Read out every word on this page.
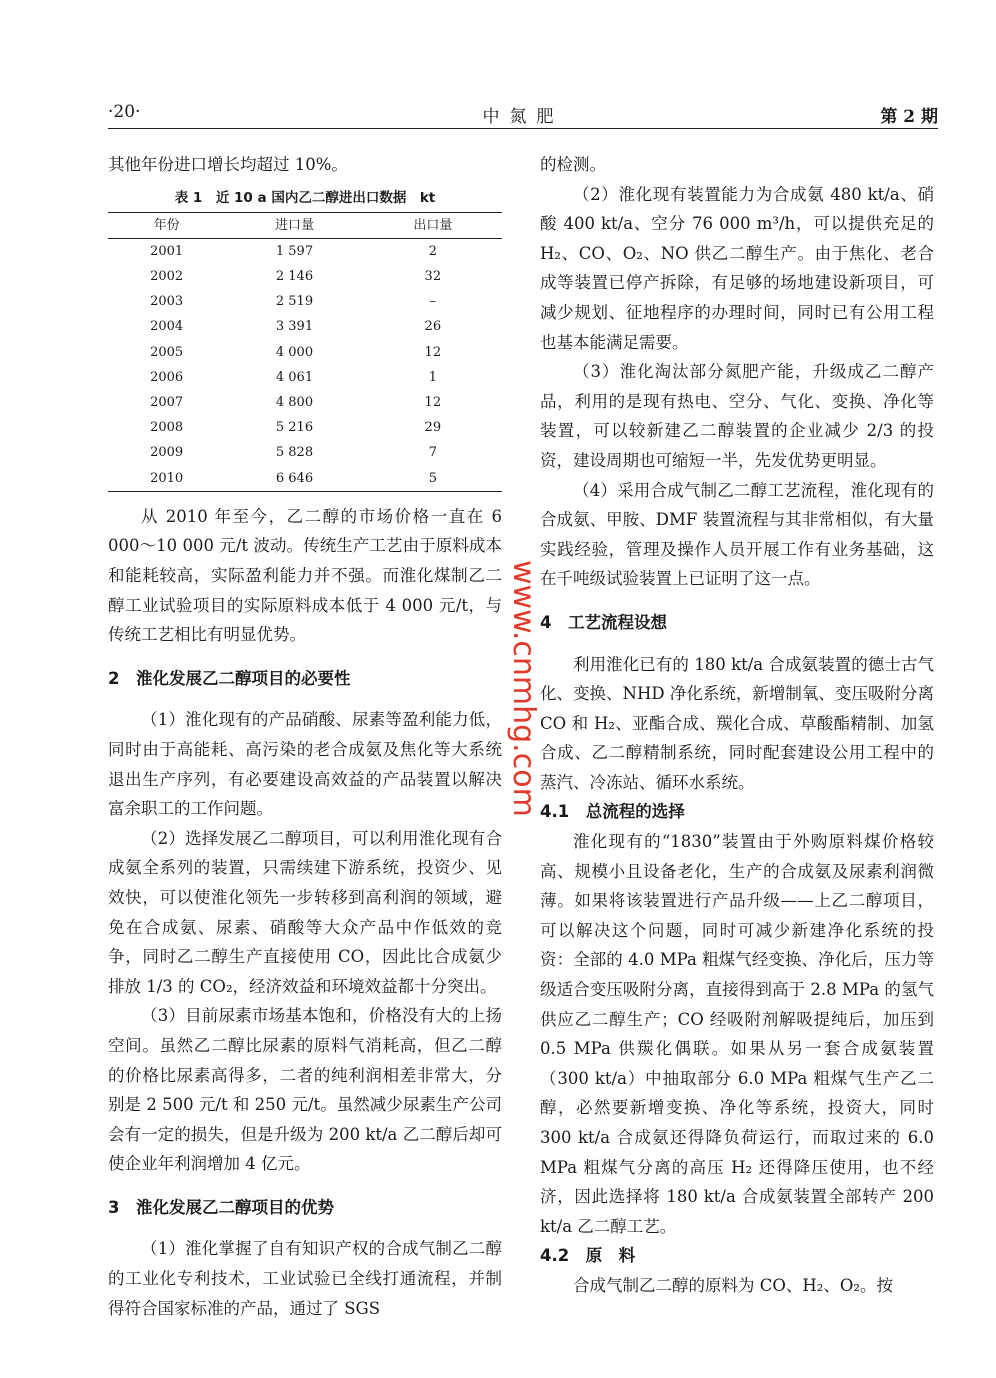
·20·	中氮肥	第 2 期

其他年份进口增长均超过 10%。

表 1　近 10 a 国内乙二醇进出口数据　kt
年份	进口量	出口量
2001	1 597	2
2002	2 146	32
2003	2 519	–
2004	3 391	26
2005	4 000	12
2006	4 061	1
2007	4 800	12
2008	5 216	29
2009	5 828	7
2010	6 646	5

从 2010 年至今，乙二醇的市场价格一直在 6 000～10 000 元/t 波动。传统生产工艺由于原料成本和能耗较高，实际盈利能力并不强。而淮化煤制乙二醇工业试验项目的实际原料成本低于 4 000 元/t，与传统工艺相比有明显优势。

2　淮化发展乙二醇项目的必要性

（1）淮化现有的产品硝酸、尿素等盈利能力低，同时由于高能耗、高污染的老合成氨及焦化等大系统退出生产序列，有必要建设高效益的产品装置以解决富余职工的工作问题。

（2）选择发展乙二醇项目，可以利用淮化现有合成氨全系列的装置，只需续建下游系统，投资少、见效快，可以使淮化领先一步转移到高利润的领域，避免在合成氨、尿素、硝酸等大众产品中作低效的竞争，同时乙二醇生产直接使用 CO，因此比合成氨少排放 1/3 的 CO₂，经济效益和环境效益都十分突出。

（3）目前尿素市场基本饱和，价格没有大的上扬空间。虽然乙二醇比尿素的原料气消耗高，但乙二醇的价格比尿素高得多，二者的纯利润相差非常大，分别是 2 500 元/t 和 250 元/t。虽然减少尿素生产公司会有一定的损失，但是升级为 200 kt/a 乙二醇后却可使企业年利润增加 4 亿元。

3　淮化发展乙二醇项目的优势

（1）淮化掌握了自有知识产权的合成气制乙二醇的工业化专利技术，工业试验已全线打通流程，并制得符合国家标准的产品，通过了 SGS

的检测。

（2）淮化现有装置能力为合成氨 480 kt/a、硝酸 400 kt/a、空分 76 000 m³/h，可以提供充足的 H₂、CO、O₂、NO 供乙二醇生产。由于焦化、老合成等装置已停产拆除，有足够的场地建设新项目，可减少规划、征地程序的办理时间，同时已有公用工程也基本能满足需要。

（3）淮化淘汰部分氮肥产能，升级成乙二醇产品，利用的是现有热电、空分、气化、变换、净化等装置，可以较新建乙二醇装置的企业减少 2/3 的投资，建设周期也可缩短一半，先发优势更明显。

（4）采用合成气制乙二醇工艺流程，淮化现有的合成氨、甲胺、DMF 装置流程与其非常相似，有大量实践经验，管理及操作人员开展工作有业务基础，这在千吨级试验装置上已证明了这一点。

4　工艺流程设想

利用淮化已有的 180 kt/a 合成氨装置的德士古气化、变换、NHD 净化系统，新增制氧、变压吸附分离 CO 和 H₂、亚酯合成、羰化合成、草酸酯精制、加氢合成、乙二醇精制系统，同时配套建设公用工程中的蒸汽、冷冻站、循环水系统。

4.1　总流程的选择

淮化现有的“1830”装置由于外购原料煤价格较高、规模小且设备老化，生产的合成氨及尿素利润微薄。如果将该装置进行产品升级——上乙二醇项目，可以解决这个问题，同时可减少新建净化系统的投资：全部的 4.0 MPa 粗煤气经变换、净化后，压力等级适合变压吸附分离，直接得到高于 2.8 MPa 的氢气供应乙二醇生产；CO 经吸附剂解吸提纯后，加压到 0.5 MPa 供羰化偶联。如果从另一套合成氨装置（300 kt/a）中抽取部分 6.0 MPa 粗煤气生产乙二醇，必然要新增变换、净化等系统，投资大，同时 300 kt/a 合成氨还得降负荷运行，而取过来的 6.0 MPa 粗煤气分离的高压 H₂ 还得降压使用，也不经济，因此选择将 180 kt/a 合成氨装置全部转产 200 kt/a 乙二醇工艺。

4.2　原　料

合成气制乙二醇的原料为 CO、H₂、O₂。按

www.cnmhg.com
